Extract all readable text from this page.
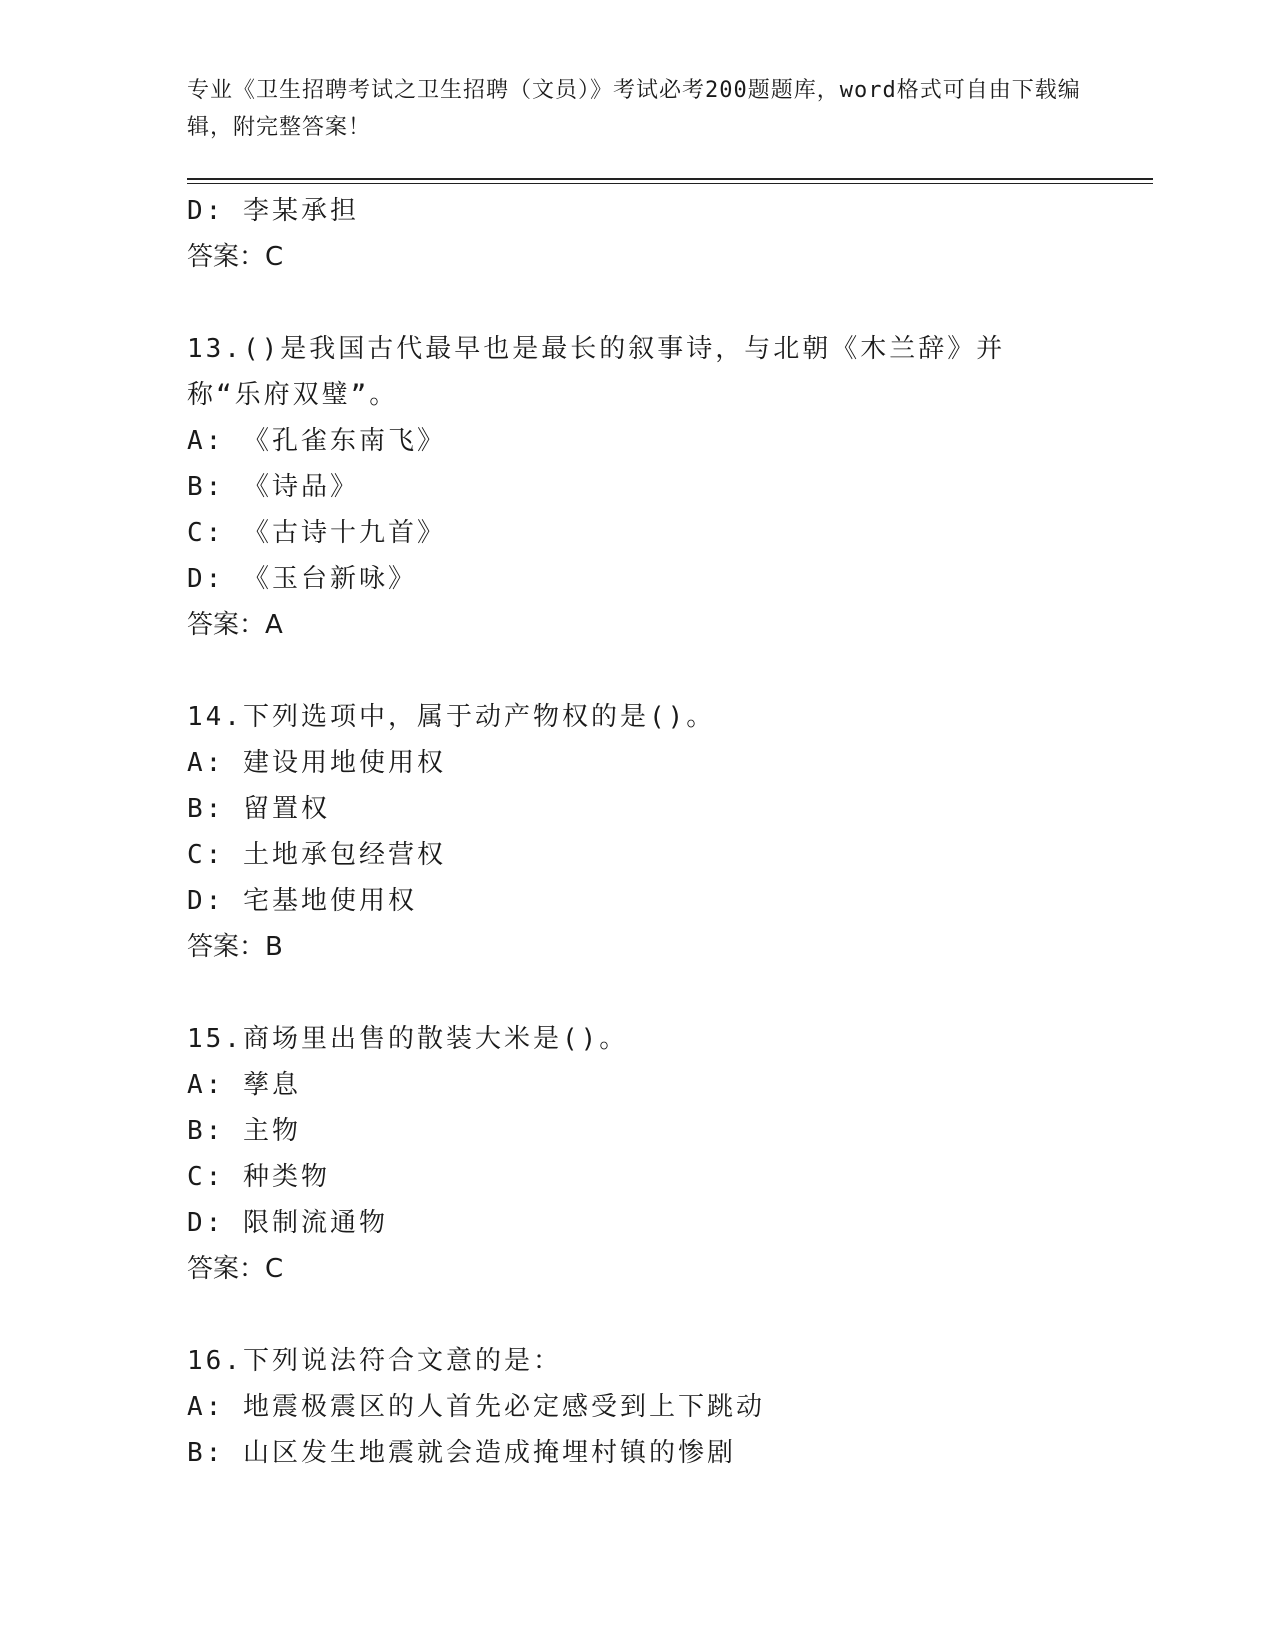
专业《卫生招聘考试之卫生招聘（文员）》考试必考200题题库，word格式可自由下载编辑，附完整答案！
D: 李某承担
答案：C
13.()是我国古代最早也是最长的叙事诗，与北朝《木兰辞》并称“乐府双璧”。
A: 《孔雀东南飞》
B: 《诗品》
C: 《古诗十九首》
D: 《玉台新咏》
答案：A
14.下列选项中，属于动产物权的是()。
A: 建设用地使用权
B: 留置权
C: 土地承包经营权
D: 宅基地使用权
答案：B
15.商场里出售的散装大米是()。
A: 孳息
B: 主物
C: 种类物
D: 限制流通物
答案：C
16.下列说法符合文意的是：
A: 地震极震区的人首先必定感受到上下跳动
B: 山区发生地震就会造成掩埋村镇的惨剧
